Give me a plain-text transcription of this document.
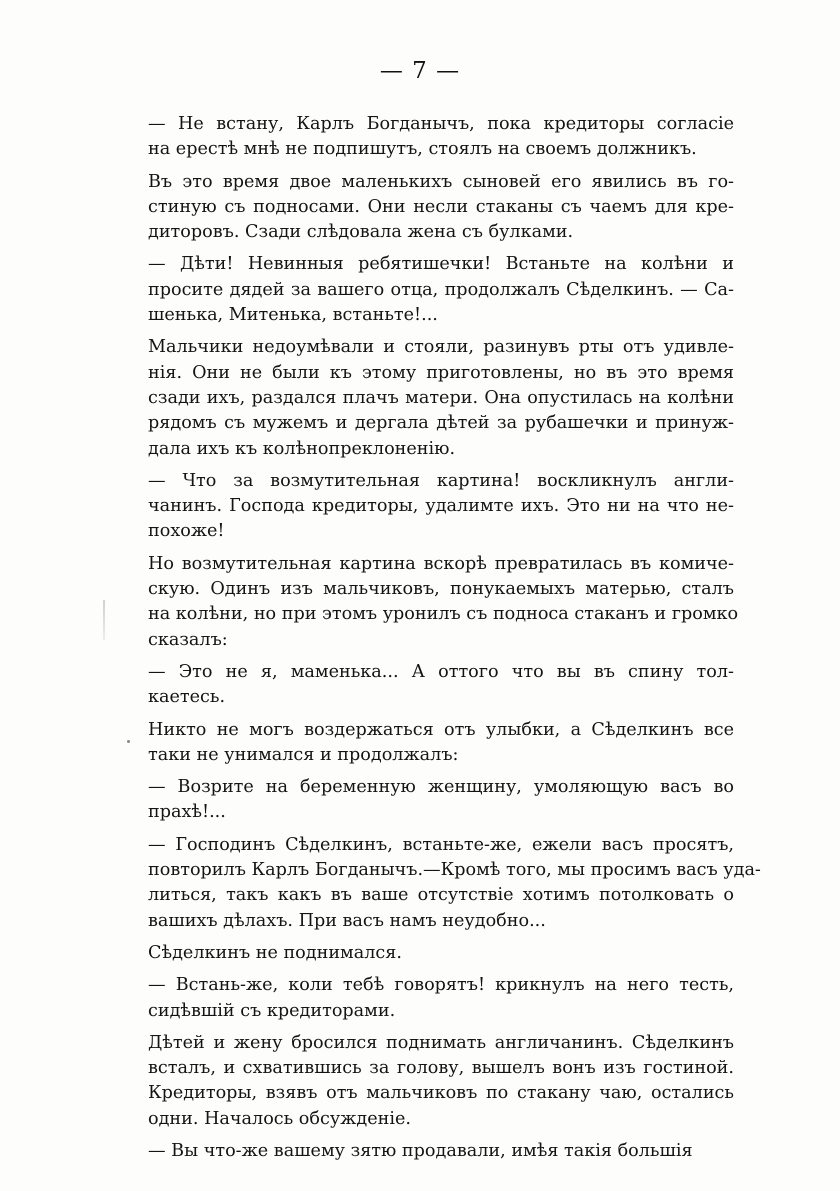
— 7 —
— Не встану, Карлъ Богданычъ, пока кредиторы согласіе
на ерестѣ мнѣ не подпишутъ, стоялъ на своемъ должникъ.
Въ это время двое маленькихъ сыновей его явились въ го-
стиную съ подносами. Они несли стаканы съ чаемъ для кре-
диторовъ. Сзади слѣдовала жена съ булками.
— Дѣти! Невинныя ребятишечки! Встаньте на колѣни и
просите дядей за вашего отца, продолжалъ Сѣделкинъ. — Са-
шенька, Митенька, встаньте!...
Мальчики недоумѣвали и стояли, разинувъ рты отъ удивле-
нія. Они не были къ этому приготовлены, но въ это время
сзади ихъ, раздался плачъ матери. Она опустилась на колѣни
рядомъ съ мужемъ и дергала дѣтей за рубашечки и принуж-
дала ихъ къ колѣнопреклоненію.
— Что за возмутительная картина! воскликнулъ англи-
чанинъ. Господа кредиторы, удалимте ихъ. Это ни на что не-
похоже!
Но возмутительная картина вскорѣ превратилась въ комиче-
скую. Одинъ изъ мальчиковъ, понукаемыхъ матерью, сталъ
на колѣни, но при этомъ уронилъ съ подноса стаканъ и громко
сказалъ:
— Это не я, маменька... А оттого что вы въ спину тол-
каетесь.
Никто не могъ воздержаться отъ улыбки, а Сѣделкинъ все
таки не унимался и продолжалъ:
— Возрите на беременную женщину, умоляющую васъ во
прахѣ!...
— Господинъ Сѣделкинъ, встаньте-же, ежели васъ просятъ,
повторилъ Карлъ Богданычъ.—Кромѣ того, мы просимъ васъ уда-
литься, такъ какъ въ ваше отсутствіе хотимъ потолковать о
вашихъ дѣлахъ. При васъ намъ неудобно...
Сѣделкинъ не поднимался.
— Встань-же, коли тебѣ говорятъ! крикнулъ на него тесть,
сидѣвшій съ кредиторами.
Дѣтей и жену бросился поднимать англичанинъ. Сѣделкинъ
всталъ, и схватившись за голову, вышелъ вонъ изъ гостиной.
Кредиторы, взявъ отъ мальчиковъ по стакану чаю, остались
одни. Началось обсужденіе.
— Вы что-же вашему зятю продавали, имѣя такія большія
